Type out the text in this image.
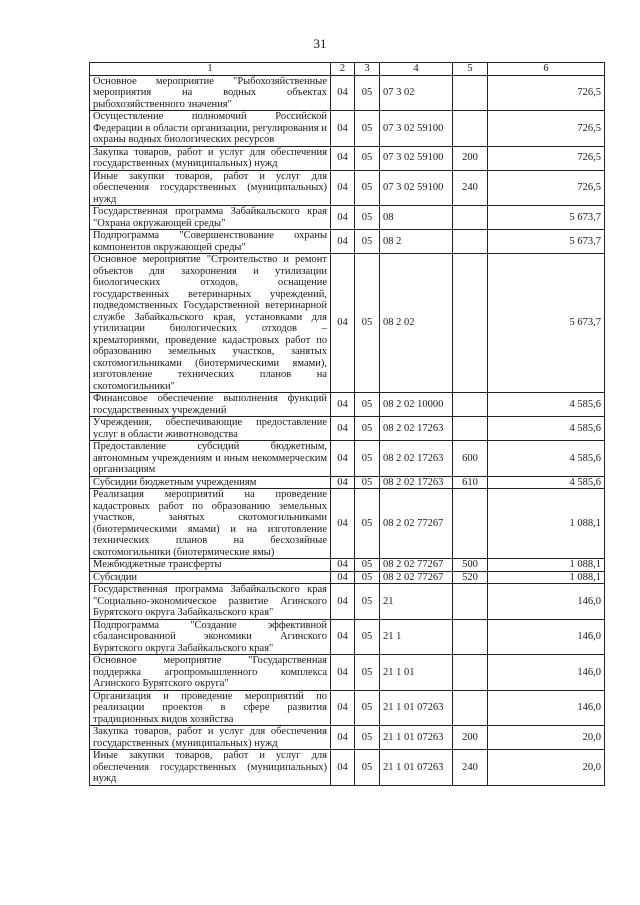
31
1	2	3	4	5	6
Основное мероприятие "Рыбохозяйственные мероприятия на водных объектах рыбохозяйственного значения"	04	05	07 3 02		726,5
Осуществление полномочий Российской Федерации в области организации, регулирования и охраны водных биологических ресурсов	04	05	07 3 02 59100		726,5
Закупка товаров, работ и услуг для обеспечения государственных (муниципальных) нужд	04	05	07 3 02 59100	200	726,5
Иные закупки товаров, работ и услуг для обеспечения государственных (муниципальных) нужд	04	05	07 3 02 59100	240	726,5
Государственная программа Забайкальского края "Охрана окружающей среды"	04	05	08		5 673,7
Подпрограмма "Совершенствование охраны компонентов окружающей среды"	04	05	08 2		5 673,7
Основное мероприятие "Строительство и ремонт объектов для захоронения и утилизации биологических отходов, оснащение государственных ветеринарных учреждений, подведомственных Государственной ветеринарной службе Забайкальского края, установками для утилизации биологических отходов – крематориями, проведение кадастровых работ по образованию земельных участков, занятых скотомогильниками (биотермическими ямами), изготовление технических планов на скотомогильники"	04	05	08 2 02		5 673,7
Финансовое обеспечение выполнения функций государственных учреждений	04	05	08 2 02 10000		4 585,6
Учреждения, обеспечивающие предоставление услуг в области животноводства	04	05	08 2 02 17263		4 585,6
Предоставление субсидий бюджетным, автономным учреждениям и иным некоммерческим организациям	04	05	08 2 02 17263	600	4 585,6
Субсидии бюджетным учреждениям	04	05	08 2 02 17263	610	4 585,6
Реализация мероприятий на проведение кадастровых работ по образованию земельных участков, занятых скотомогильниками (биотермическими ямами) и на изготовление технических планов на бесхозяйные скотомогильники (биотермические ямы)	04	05	08 2 02 77267		1 088,1
Межбюджетные трансферты	04	05	08 2 02 77267	500	1 088,1
Субсидии	04	05	08 2 02 77267	520	1 088,1
Государственная программа Забайкальского края "Социально-экономическое развитие Агинского Бурятского округа Забайкальского края"	04	05	21		146,0
Подпрограмма "Создание эффективной сбалансированной экономики Агинского Бурятского округа Забайкальского края"	04	05	21 1		146,0
Основное мероприятие "Государственная поддержка агропромышленного комплекса Агинского Бурятского округа"	04	05	21 1 01		146,0
Организация и проведение мероприятий по реализации проектов в сфере развития традиционных видов хозяйства	04	05	21 1 01 07263		146,0
Закупка товаров, работ и услуг для обеспечения государственных (муниципальных) нужд	04	05	21 1 01 07263	200	20,0
Иные закупки товаров, работ и услуг для обеспечения государственных (муниципальных) нужд	04	05	21 1 01 07263	240	20,0
